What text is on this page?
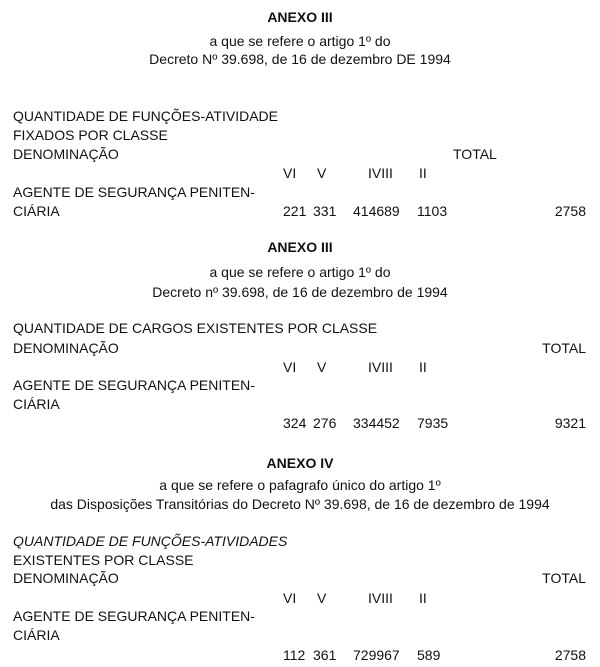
ANEXO III
a que se refere o artigo 1º do
Decreto Nº 39.698, de 16 de dezembro DE 1994
QUANTIDADE DE FUNÇÕES-ATIVIDADE
FIXADOS POR CLASSE
DENOMINAÇÃO	TOTAL
VI V	IVIII II
AGENTE DE SEGURANÇA PENITEN-
CIÁRIA	221 331 414689 1103	2758
ANEXO III
a que se refere o artigo 1º do
Decreto nº 39.698, de 16 de dezembro de 1994
QUANTIDADE DE CARGOS EXISTENTES POR CLASSE
DENOMINAÇÃO	TOTAL
VI V	IVIII II
AGENTE DE SEGURANÇA PENITEN-
CIÁRIA
324 276 334452 7935	9321
ANEXO IV
a que se refere o pafagrafo único do artigo 1º
das Disposições Transitórias do Decreto Nº 39.698, de 16 de dezembro de 1994
QUANTIDADE DE FUNÇÕES-ATIVIDADES
EXISTENTES POR CLASSE
DENOMINAÇÃO	TOTAL
VI V	IVIII II
AGENTE DE SEGURANÇA PENITEN-
CIÁRIA
112 361 729967 589	2758
